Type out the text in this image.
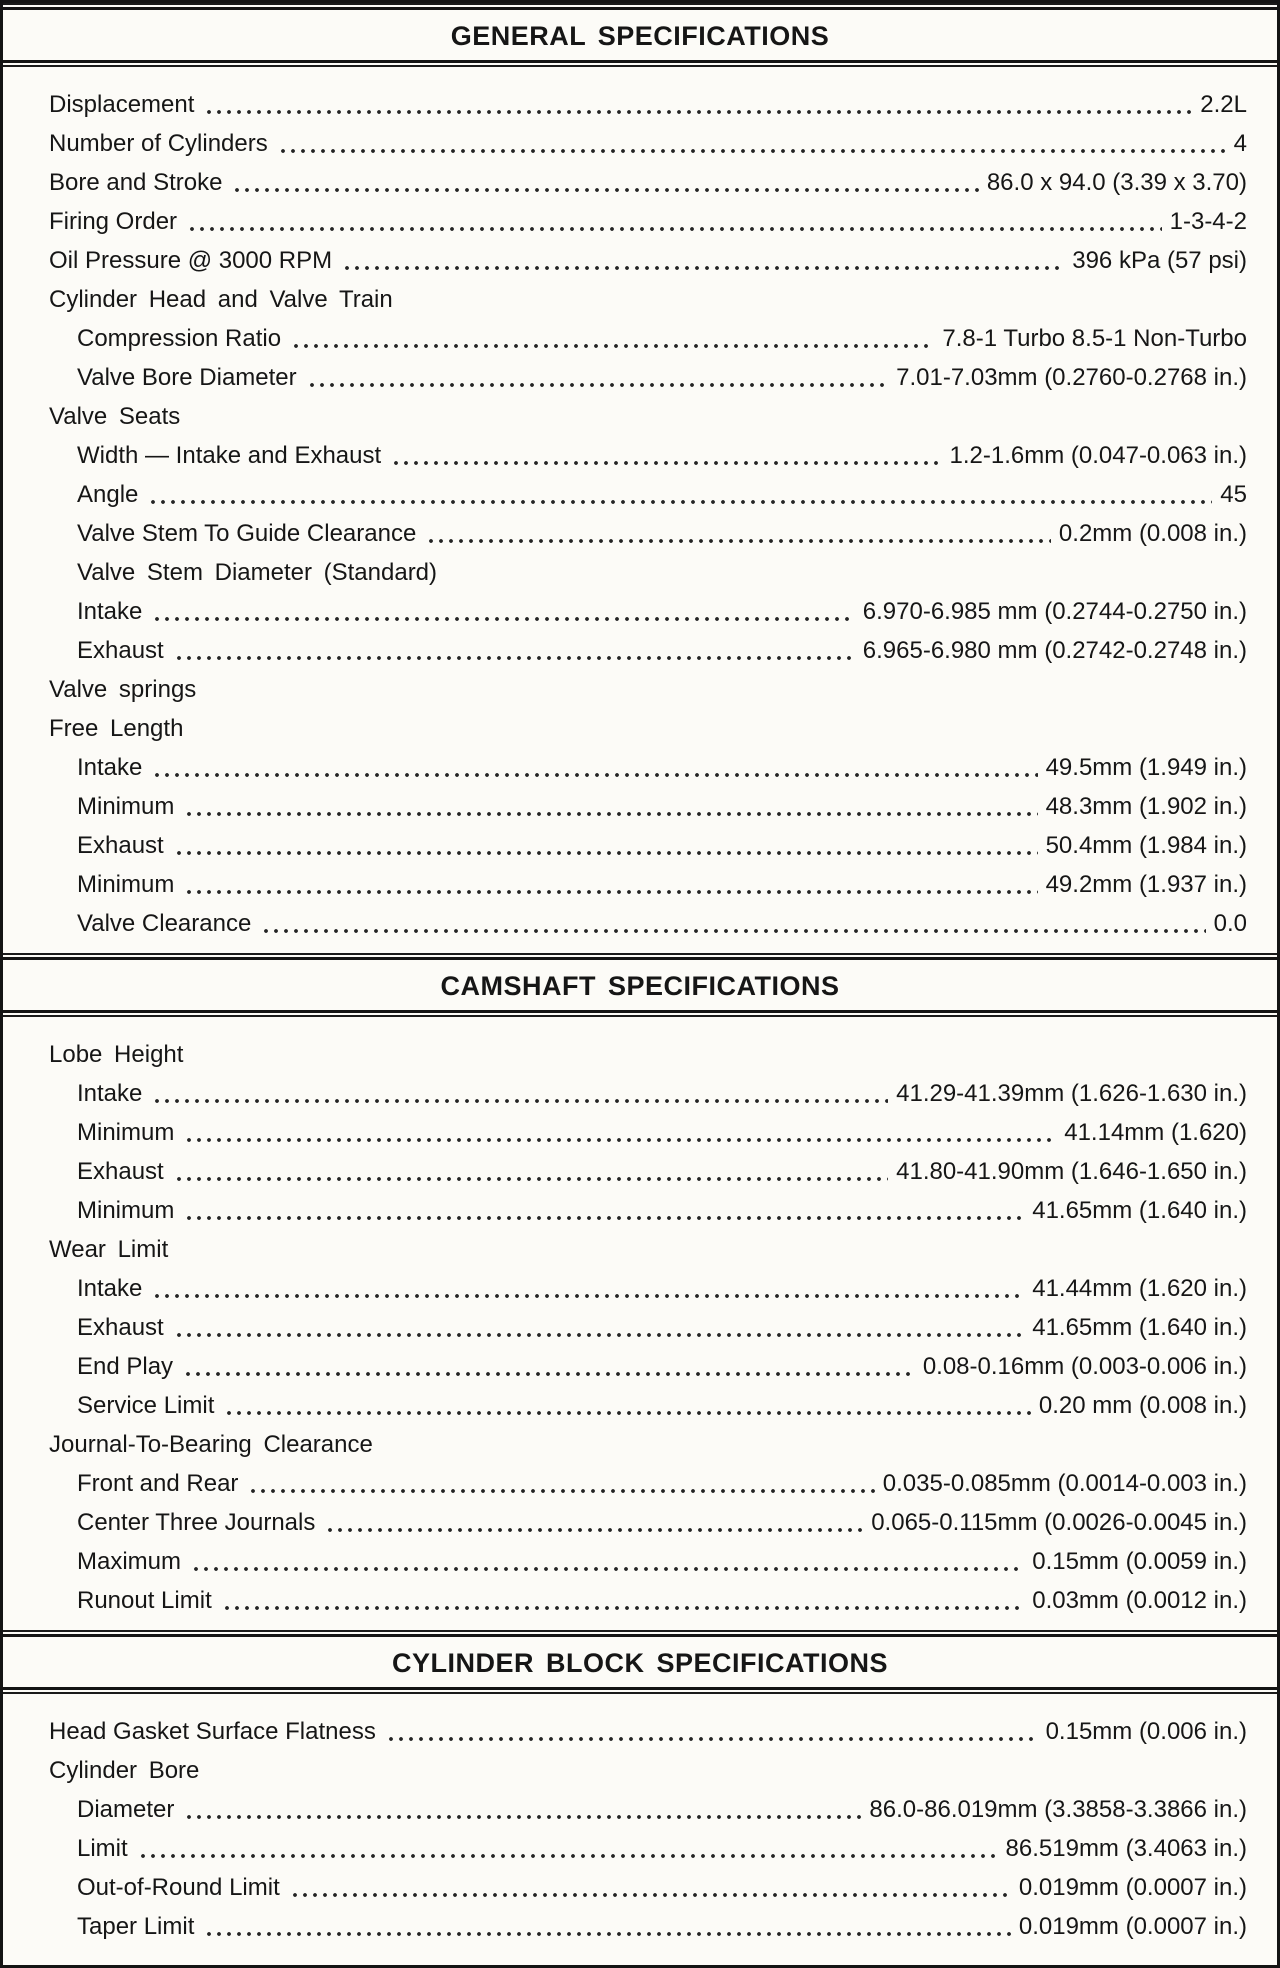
GENERAL SPECIFICATIONS
Displacement	2.2L
Number of Cylinders	4
Bore and Stroke	86.0 x 94.0 (3.39 x 3.70)
Firing Order	1-3-4-2
Oil Pressure @ 3000 RPM	396 kPa (57 psi)
Cylinder Head and Valve Train
Compression Ratio	7.8-1 Turbo 8.5-1 Non-Turbo
Valve Bore Diameter	7.01-7.03mm (0.2760-0.2768 in.)
Valve Seats
Width — Intake and Exhaust	1.2-1.6mm (0.047-0.063 in.)
Angle	45
Valve Stem To Guide Clearance	0.2mm (0.008 in.)
Valve Stem Diameter (Standard)
Intake	6.970-6.985 mm (0.2744-0.2750 in.)
Exhaust	6.965-6.980 mm (0.2742-0.2748 in.)
Valve springs
Free Length
Intake	49.5mm (1.949 in.)
Minimum	48.3mm (1.902 in.)
Exhaust	50.4mm (1.984 in.)
Minimum	49.2mm (1.937 in.)
Valve Clearance	0.0
CAMSHAFT SPECIFICATIONS
Lobe Height
Intake	41.29-41.39mm (1.626-1.630 in.)
Minimum	41.14mm (1.620)
Exhaust	41.80-41.90mm (1.646-1.650 in.)
Minimum	41.65mm (1.640 in.)
Wear Limit
Intake	41.44mm (1.620 in.)
Exhaust	41.65mm (1.640 in.)
End Play	0.08-0.16mm (0.003-0.006 in.)
Service Limit	0.20 mm (0.008 in.)
Journal-To-Bearing Clearance
Front and Rear	0.035-0.085mm (0.0014-0.003 in.)
Center Three Journals	0.065-0.115mm (0.0026-0.0045 in.)
Maximum	0.15mm (0.0059 in.)
Runout Limit	0.03mm (0.0012 in.)
CYLINDER BLOCK SPECIFICATIONS
Head Gasket Surface Flatness	0.15mm (0.006 in.)
Cylinder Bore
Diameter	86.0-86.019mm (3.3858-3.3866 in.)
Limit	86.519mm (3.4063 in.)
Out-of-Round Limit	0.019mm (0.0007 in.)
Taper Limit	0.019mm (0.0007 in.)
